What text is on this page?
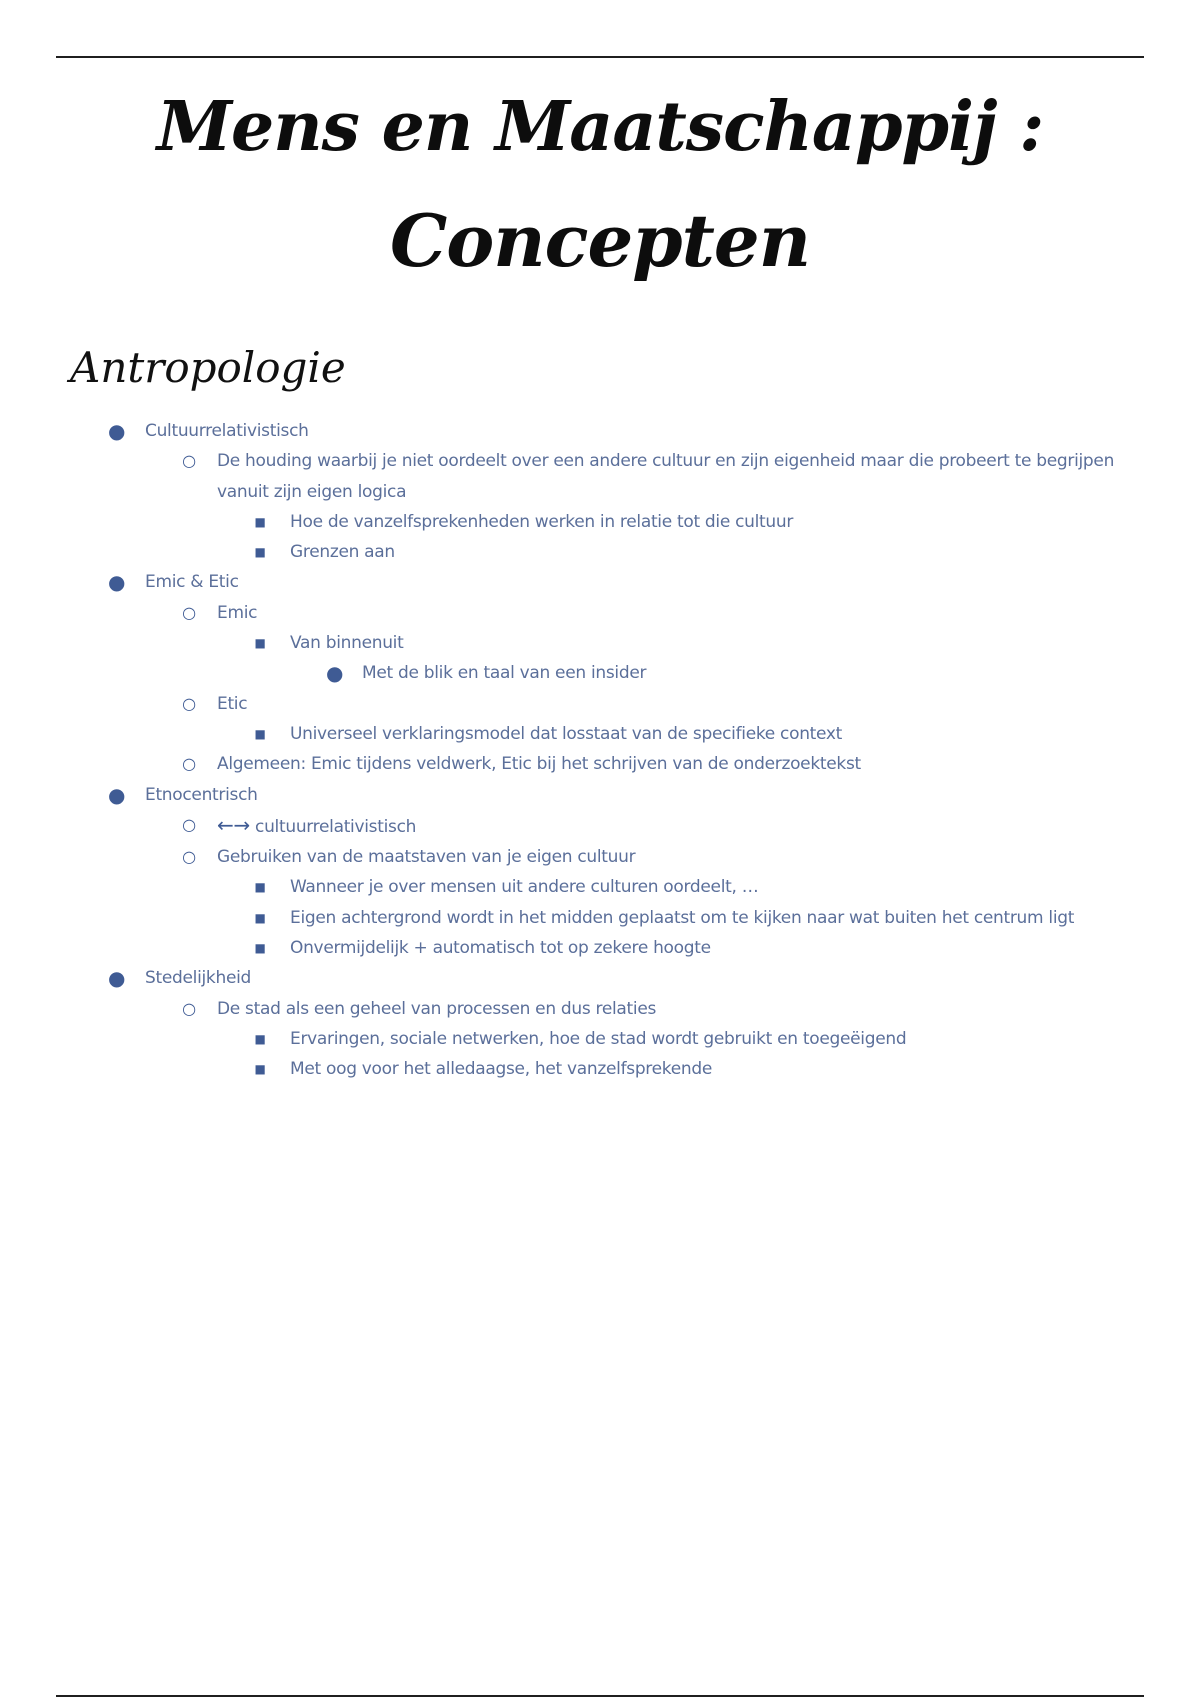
Mens en Maatschappij :
Concepten
Antropologie
● Cultuurrelativistisch
○ De houding waarbij je niet oordeelt over een andere cultuur en zijn eigenheid maar die probeert te begrijpen vanuit zijn eigen logica
■ Hoe de vanzelfsprekenheden werken in relatie tot die cultuur
■ Grenzen aan
● Emic & Etic
○ Emic
■ Van binnenuit
● Met de blik en taal van een insider
○ Etic
■ Universeel verklaringsmodel dat losstaat van de specifieke context
○ Algemeen: Emic tijdens veldwerk, Etic bij het schrijven van de onderzoektekst
● Etnocentrisch
○ ←→ cultuurrelativistisch
○ Gebruiken van de maatstaven van je eigen cultuur
■ Wanneer je over mensen uit andere culturen oordeelt, …
■ Eigen achtergrond wordt in het midden geplaatst om te kijken naar wat buiten het centrum ligt
■ Onvermijdelijk + automatisch tot op zekere hoogte
● Stedelijkheid
○ De stad als een geheel van processen en dus relaties
■ Ervaringen, sociale netwerken, hoe de stad wordt gebruikt en toegeëigend
■ Met oog voor het alledaagse, het vanzelfsprekende
